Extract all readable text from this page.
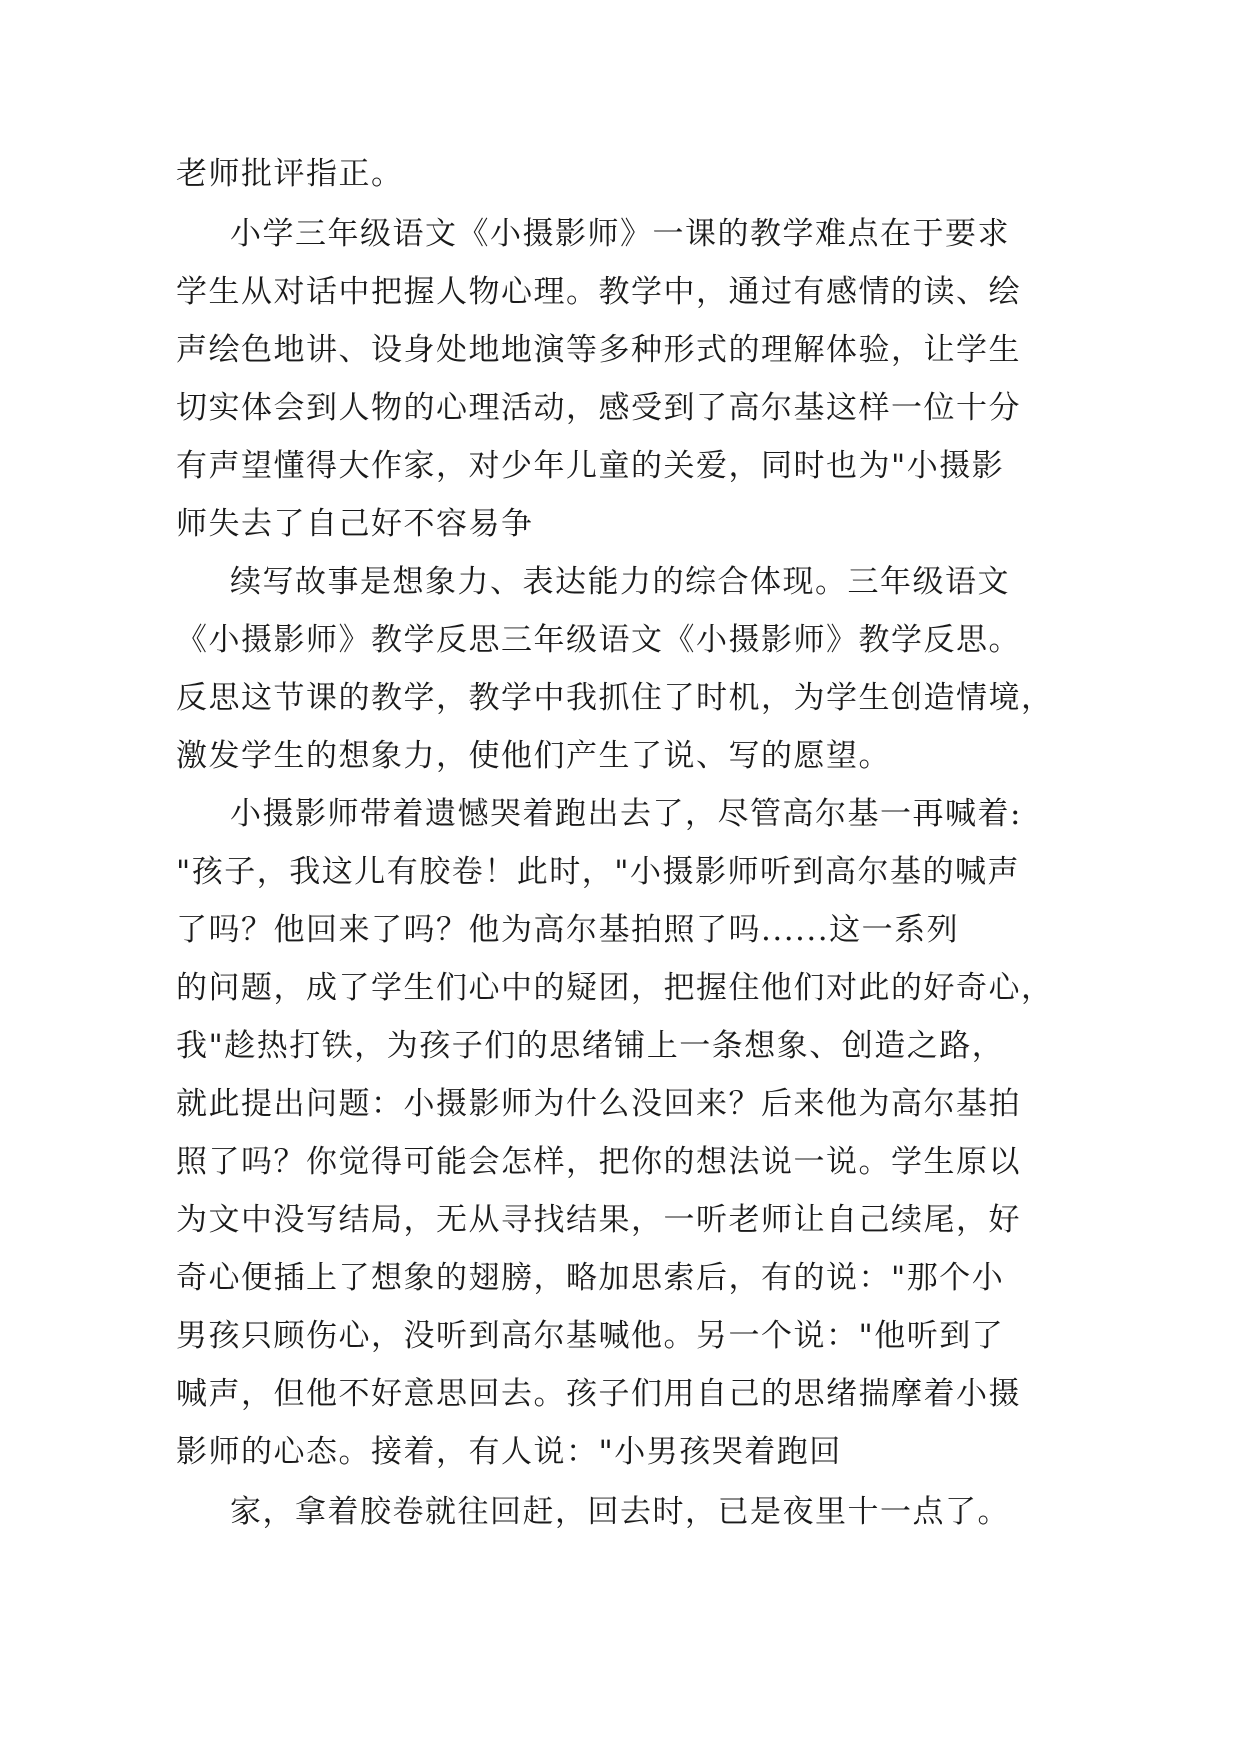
老师批评指正。
小学三年级语文《小摄影师》一课的教学难点在于要求
学生从对话中把握人物心理。教学中，通过有感情的读、绘
声绘色地讲、设身处地地演等多种形式的理解体验，让学生
切实体会到人物的心理活动，感受到了高尔基这样一位十分
有声望懂得大作家，对少年儿童的关爱，同时也为"小摄影
师失去了自己好不容易争
续写故事是想象力、表达能力的综合体现。三年级语文
《小摄影师》教学反思三年级语文《小摄影师》教学反思。
反思这节课的教学，教学中我抓住了时机，为学生创造情境，
激发学生的想象力，使他们产生了说、写的愿望。
小摄影师带着遗憾哭着跑出去了，尽管高尔基一再喊着:
"孩子，我这儿有胶卷！此时，"小摄影师听到高尔基的喊声
了吗？他回来了吗？他为高尔基拍照了吗......这一系列
的问题，成了学生们心中的疑团，把握住他们对此的好奇心，
我"趁热打铁，为孩子们的思绪铺上一条想象、创造之路，
就此提出问题：小摄影师为什么没回来？后来他为高尔基拍
照了吗？你觉得可能会怎样，把你的想法说一说。学生原以
为文中没写结局，无从寻找结果，一听老师让自己续尾，好
奇心便插上了想象的翅膀，略加思索后，有的说："那个小
男孩只顾伤心，没听到高尔基喊他。另一个说："他听到了
喊声，但他不好意思回去。孩子们用自己的思绪揣摩着小摄
影师的心态。接着，有人说："小男孩哭着跑回
家，拿着胶卷就往回赶，回去时，已是夜里十一点了。
